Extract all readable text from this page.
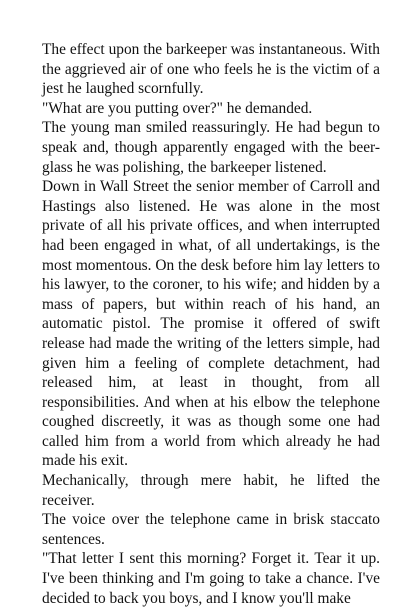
The effect upon the barkeeper was instantaneous. With the aggrieved air of one who feels he is the victim of a jest he laughed scornfully.

"What are you putting over?" he demanded.

The young man smiled reassuringly. He had begun to speak and, though apparently engaged with the beer-glass he was polishing, the barkeeper listened.

Down in Wall Street the senior member of Carroll and Hastings also listened. He was alone in the most private of all his private offices, and when interrupted had been engaged in what, of all undertakings, is the most momentous. On the desk before him lay letters to his lawyer, to the coroner, to his wife; and hidden by a mass of papers, but within reach of his hand, an automatic pistol. The promise it offered of swift release had made the writing of the letters simple, had given him a feeling of complete detachment, had released him, at least in thought, from all responsibilities. And when at his elbow the telephone coughed discreetly, it was as though some one had called him from a world from which already he had made his exit.

Mechanically, through mere habit, he lifted the receiver.

The voice over the telephone came in brisk staccato sentences.

"That letter I sent this morning? Forget it. Tear it up. I've been thinking and I'm going to take a chance. I've decided to back you boys, and I know you'll make
